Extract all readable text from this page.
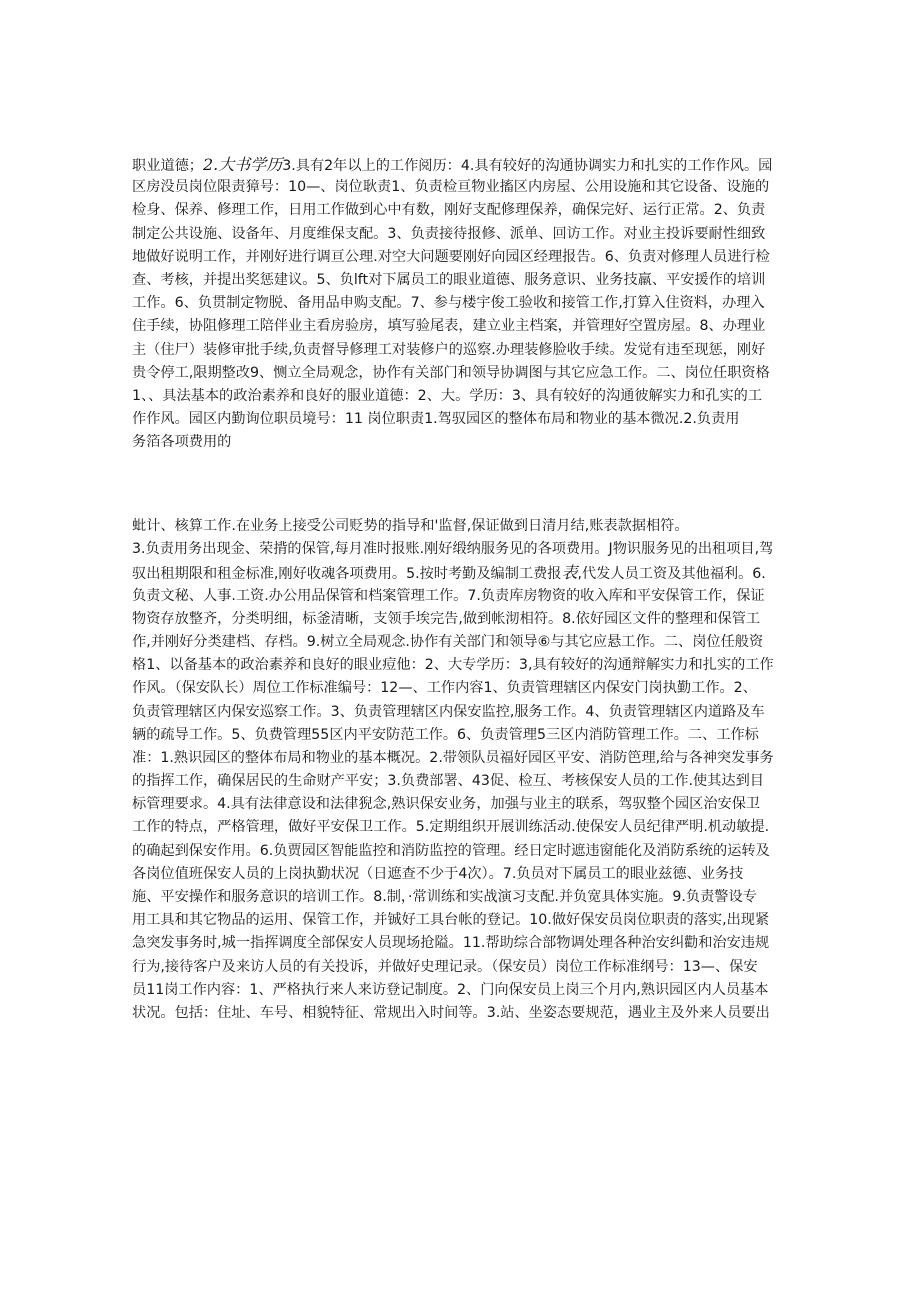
职业道德；2.大书学历3.具有2年以上的工作阅历：4.具有较好的沟通协调实力和扎实的工作作风。园
区房没员岗位限责獐号：10—、岗位耿责1、负责检亘物业搐区内房屋、公用设施和其它设备、设施的
检身、保养、修理工作，日用工作做到心中有数，刚好支配修理保养，确保完好、运行正常。2、负责
制定公共设施、设备年、月度维保支配。3、负责接待报修、派单、回访工作。对业主投诉要耐性细致
地做好说明工作，并刚好进行调亘公理.对空大问题要刚好向园区经理报告。6、负责对修理人员进行检
查、考核，并提出奖惩建议。5、负lft对下属员工的眼业道德、服务意识、业务技羸、平安援作的培训
工作。6、负贯制定物脱、备用品申购支配。7、参与楼宇俊工验收和接管工作,打算入住资料，办理入
住手续，协阻修理工陪伴业主看房验房，填写验尾表，建立业主档案，并管理好空置房屋。8、办理业
主（住尸）装修审批手续,负责督导修理工对装修户的巡察.办理装修脸收手续。发觉有违至现惩，刚好
贵令停工,限期整改9、恻立全局观念，协作有关部门和领导协调图与其它应急工作。二、岗位任职资格
1、、具法基本的政治素养和良好的服业道德：2、大。学历：3、具有较好的沟通彼解实力和孔实的工
作作风。园区内勤询位职员境号：11 岗位职责1.驾驭园区的整体布局和物业的基本微况.2.负责用
务箔各项费用的
蚍计、核算工作.在业务上接受公司贬势的指导和'监督,保证做到日清月结,账表款据相符。
3.负责用务出现金、荣揹的保管,每月准时报账.刚好缎纳服务见的各项费用。J物识服务见的出租项目,驾
驭出租期限和租金标准,刚好收魂各项费用。5.按时考勤及编制工费报表,代发人员工资及其他福利。6.
负责文秘、人事.工资.办公用品保管和档案管理工作。7.负责库房物资的收入库和平安保管工作，保证
物资存放整齐，分类明细，标釜清晰，支领手埃完告,做到帐沏相符。8.依好园区文件的整理和保管工
作,并刚好分类建档、存档。9.树立全局观念.协作有关部门和领导⑥与其它应悬工作。二、岗位任般资
格1、以备基本的政治素养和良好的眼业痘他：2、大专学历：3,具有较好的沟通辩解实力和扎实的工作
作风。（保安队长）周位工作标准编号：12—、工作内容1、负责管理辖区内保安门岗执勤工作。2、
负责管理辖区内保安巡察工作。3、负责管理辖区内保安监控,服务工作。4、负责管理辖区内道路及车
辆的疏导工作。5、负费管理55区内平安防范工作。6、负责管理5三区内消防管理工作。二、工作标
准：1.熟识园区的整体布局和物业的基本概况。2.带领队员福好园区平安、消防笆理,给与各神突发事务
的指挥工作，确保居民的生命财产平安；3.负费部署、43促、检互、考核保安人员的工作.使其达到目
标管理要求。4.具有法律意设和法律猊念,熟识保安业务，加强与业主的联系，驾驭整个园区治安保卫
工作的特点，严格管理，做好平安保卫工作。5.定期组织开展训练活动.使保安人员纪律严明.机动敏提.
的确起到保安作用。6.负贾园区智能监控和消防监控的管理。经日定时遮违窗能化及消防系统的运转及
各岗位值班保安人员的上岗执勤状况（日遮查不少于4次）。7.负员对下属员工的眼业兹德、业务技
施、平安操作和服务意识的培训工作。8.制，·常训练和实战演习支配.并负宽具体实施。9.负责警设专
用工具和其它物品的运用、保管工作，并铖好工具台帐的登记。10.做好保安员岗位职责的落实,出现紧
急突发事务时,城一指挥调度全部保安人员现场抢隘。11.帮助综合部物调处理各种治安纠勸和治安违规
行为,接待客户及来访人员的有关投诉，并做好史理记录。（保安员）岗位工作标准纲号：13—、保安
员11岗工作内容：1、严格执行来人来访登记制度。2、门向保安员上岗三个月内,熟识园区内人员基本
状况。包括：住址、车号、相貌特征、常规出入时间等。3.站、坐姿态要规范，遇业主及外来人员要出
